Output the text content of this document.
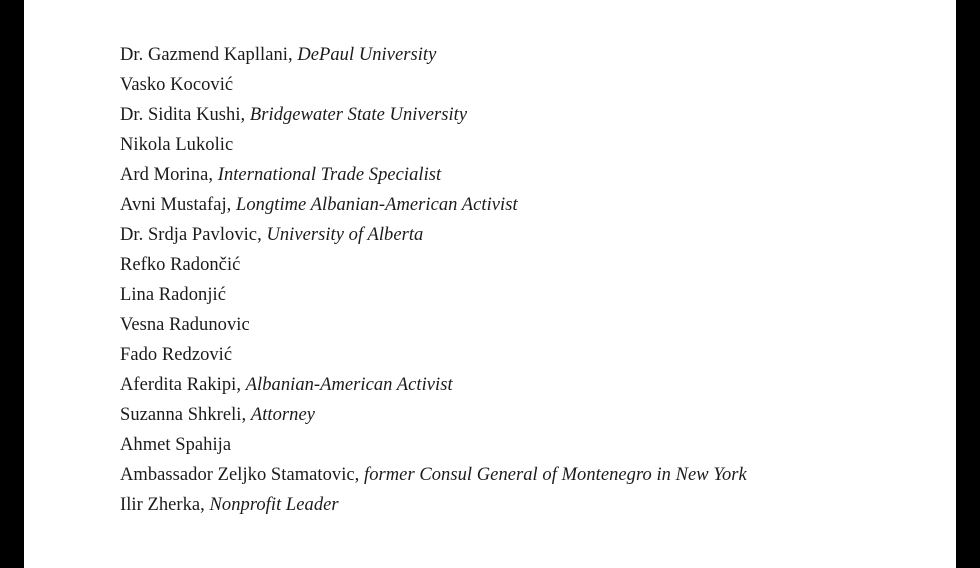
Dr. Gazmend Kapllani, DePaul University
Vasko Kocović
Dr. Sidita Kushi, Bridgewater State University
Nikola Lukolic
Ard Morina, International Trade Specialist
Avni Mustafaj, Longtime Albanian-American Activist
Dr. Srdja Pavlovic, University of Alberta
Refko Radončić
Lina Radonjić
Vesna Radunovic
Fado Redzović
Aferdita Rakipi, Albanian-American Activist
Suzanna Shkreli, Attorney
Ahmet Spahija
Ambassador Zeljko Stamatovic, former Consul General of Montenegro in New York
Ilir Zherka, Nonprofit Leader
